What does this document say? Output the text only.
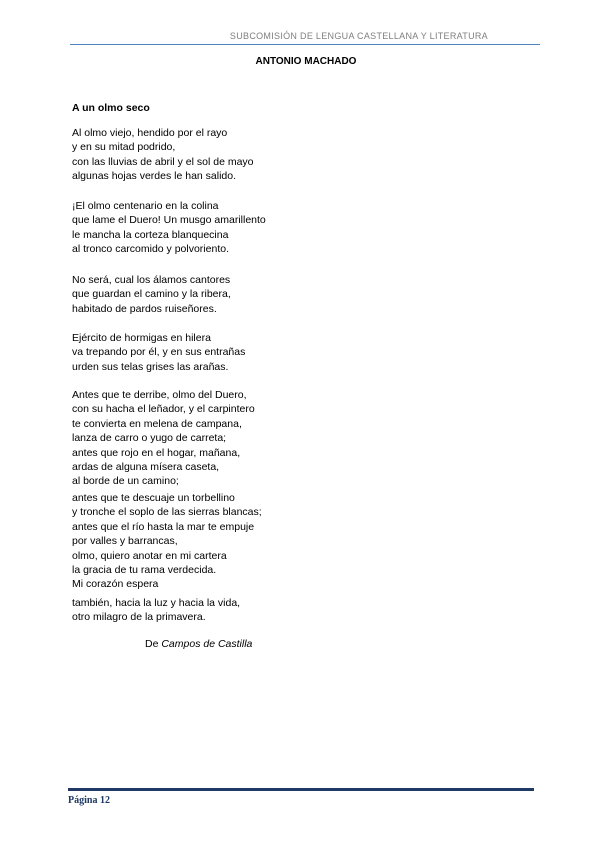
SUBCOMISIÓN DE LENGUA CASTELLANA Y LITERATURA
ANTONIO MACHADO
A un olmo seco
Al olmo viejo, hendido por el rayo
y en su mitad podrido,
con las lluvias de abril y el sol de mayo
algunas hojas verdes le han salido.
¡El olmo centenario en la colina
que lame el Duero! Un musgo amarillento
le mancha la corteza blanquecina
al tronco carcomido y polvoriento.
No será, cual los álamos cantores
que guardan el camino y la ribera,
habitado de pardos ruiseñores.
Ejército de hormigas en hilera
va trepando por él, y en sus entrañas
urden sus telas grises las arañas.
Antes que te derribe, olmo del Duero,
con su hacha el leñador, y el carpintero
te convierta en melena de campana,
lanza de carro o yugo de carreta;
antes que rojo en el hogar, mañana,
ardas de alguna mísera caseta,
al borde de un camino;
antes que te descuaje un torbellino
y tronche el soplo de las sierras blancas;
antes que el río hasta la mar te empuje
por valles y barrancas,
olmo, quiero anotar en mi cartera
la gracia de tu rama verdecida.
Mi corazón espera
también, hacia la luz y hacia la vida,
otro milagro de la primavera.
De Campos de Castilla
Página 12
